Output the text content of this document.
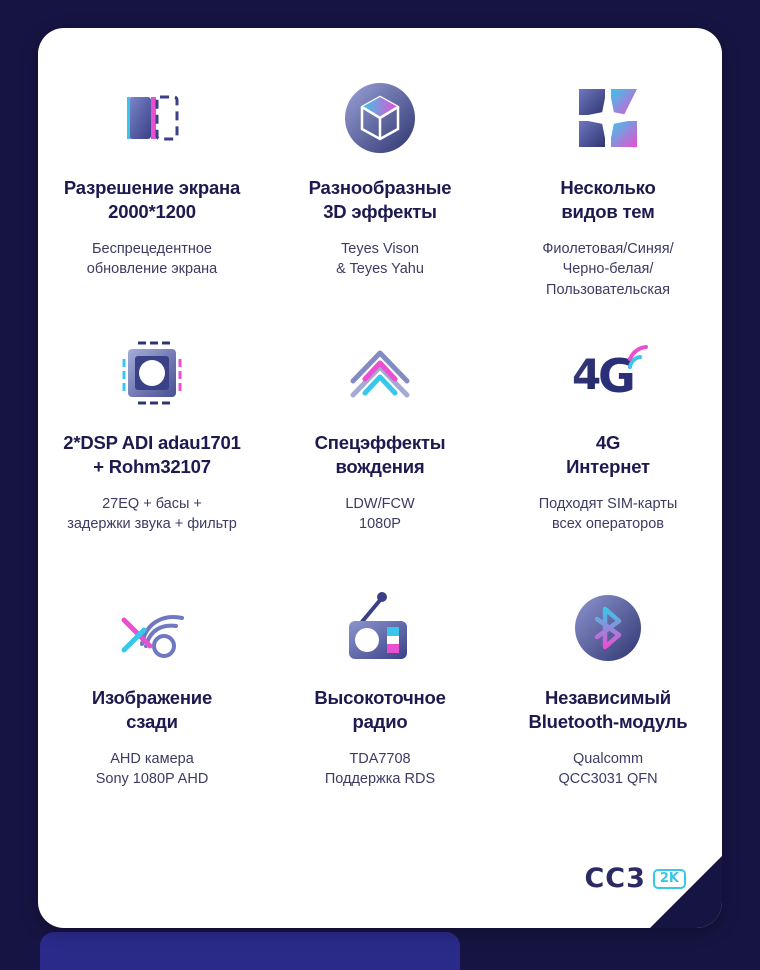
Разрешение экрана
2000*1200
Беспрецедентное
обновление экрана
Разнообразные
3D эффекты
Teyes Vison
& Teyes Yahu
Несколько
видов тем
Фиолетовая/Синяя/
Черно-белая/
Пользовательская
2*DSP ADI adau1701
+ Rohm32107
27EQ + басы +
задержки звука + фильтр
Спецэффекты
вождения
LDW/FCW
1080P
4
G
4G
Интернет
Подходят SIM-карты
всех операторов
Изображение
сзади
AHD камера
Sony 1080P AHD
Высокоточное
радио
TDA7708
Поддержка RDS
Независимый
Bluetooth-модуль
Qualcomm
QCC3031 QFN
CC3	2K
